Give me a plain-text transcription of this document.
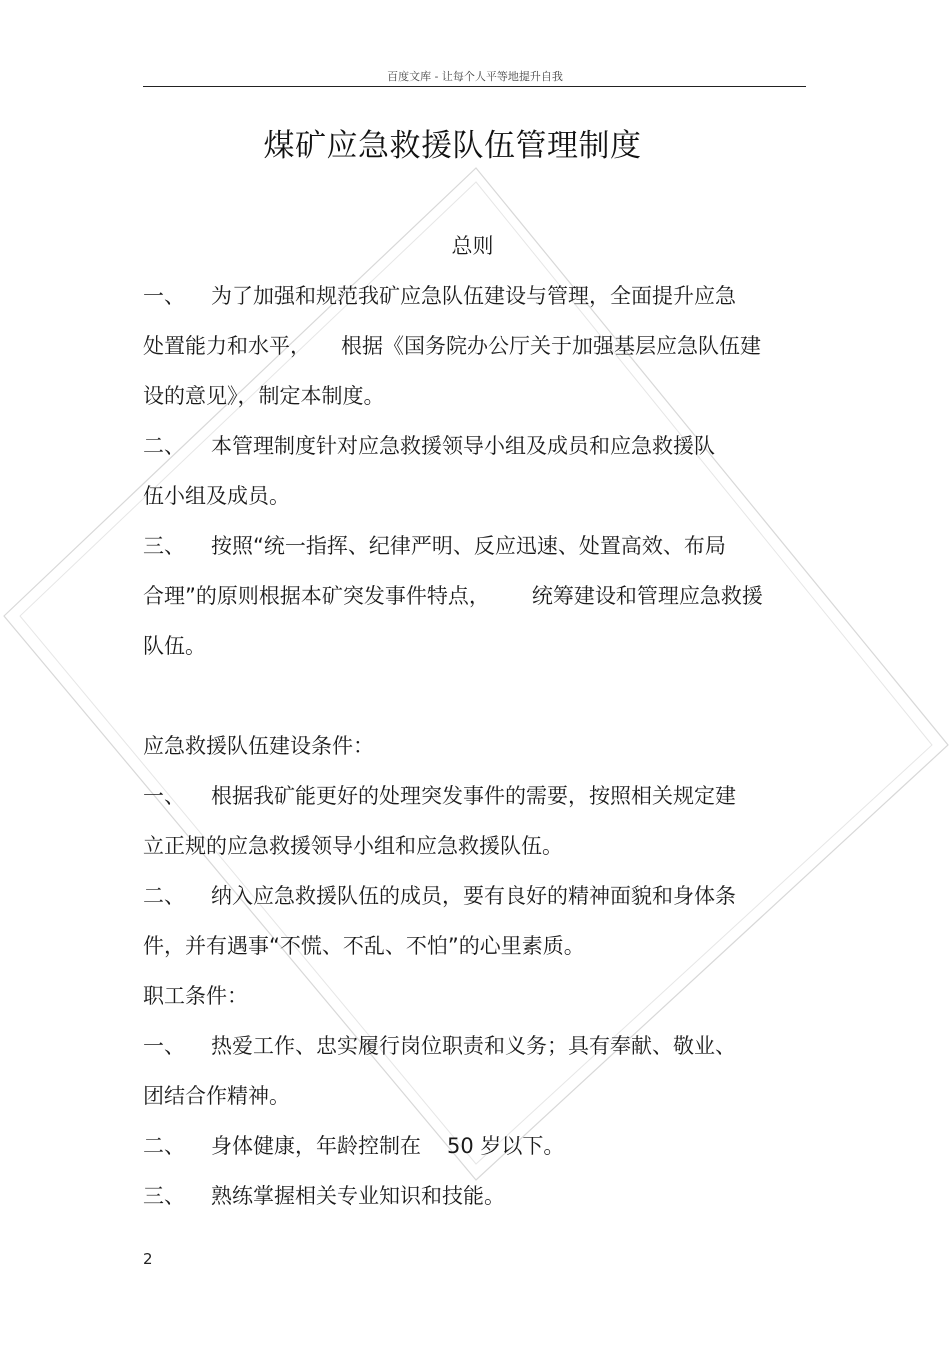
百度文库 - 让每个人平等地提升自我
煤矿应急救援队伍管理制度
总则
一、 为了加强和规范我矿应急队伍建设与管理，全面提升应急
处置能力和水平， 根据《国务院办公厅关于加强基层应急队伍建
设的意见》，制定本制度。
二、 本管理制度针对应急救援领导小组及成员和应急救援队
伍小组及成员。
三、 按照“统一指挥、纪律严明、反应迅速、处置高效、布局
合理”的原则根据本矿突发事件特点， 统筹建设和管理应急救援
队伍。
应急救援队伍建设条件：
一、 根据我矿能更好的处理突发事件的需要，按照相关规定建
立正规的应急救援领导小组和应急救援队伍。
二、 纳入应急救援队伍的成员，要有良好的精神面貌和身体条
件，并有遇事“不慌、不乱、不怕”的心里素质。
职工条件：
一、 热爱工作、忠实履行岗位职责和义务；具有奉献、敬业、
团结合作精神。
二、 身体健康，年龄控制在 50 岁以下。
三、 熟练掌握相关专业知识和技能。
2
